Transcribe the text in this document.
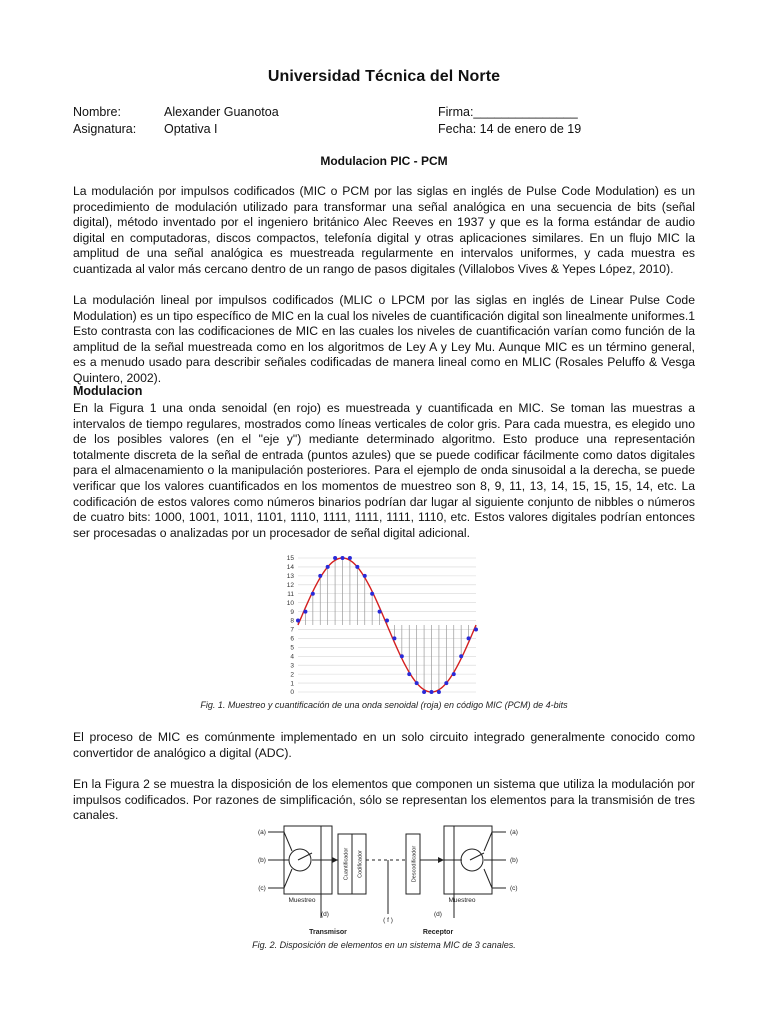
Universidad Técnica del Norte
Nombre:	Alexander Guanotoa	Firma:_______________
Asignatura: Optativa I	Fecha: 14 de enero de 19
Modulacion PIC - PCM

La modulación por impulsos codificados (MIC o PCM por las siglas en inglés de Pulse Code Modulation) es un procedimiento de modulación utilizado para transformar una señal analógica en una secuencia de bits (señal digital), método inventado por el ingeniero británico Alec Reeves en 1937 y que es la forma estándar de audio digital en computadoras, discos compactos, telefonía digital y otras aplicaciones similares. En un flujo MIC la amplitud de una señal analógica es muestreada regularmente en intervalos uniformes, y cada muestra es cuantizada al valor más cercano dentro de un rango de pasos digitales (Villalobos Vives & Yepes López, 2010).

La modulación lineal por impulsos codificados (MLIC o LPCM por las siglas en inglés de Linear Pulse Code Modulation) es un tipo específico de MIC en la cual los niveles de cuantificación digital son linealmente uniformes.1 Esto contrasta con las codificaciones de MIC en las cuales los niveles de cuantificación varían como función de la amplitud de la señal muestreada como en los algoritmos de Ley A y Ley Mu. Aunque MIC es un término general, es a menudo usado para describir señales codificadas de manera lineal como en MLIC (Rosales Peluffo & Vesga Quintero, 2002).

Modulacion

En la Figura 1 una onda senoidal (en rojo) es muestreada y cuantificada en MIC. Se toman las muestras a intervalos de tiempo regulares, mostrados como líneas verticales de color gris. Para cada muestra, es elegido uno de los posibles valores (en el "eje y") mediante determinado algoritmo. Esto produce una representación totalmente discreta de la señal de entrada (puntos azules) que se puede codificar fácilmente como datos digitales para el almacenamiento o la manipulación posteriores. Para el ejemplo de onda sinusoidal a la derecha, se puede verificar que los valores cuantificados en los momentos de muestreo son 8, 9, 11, 13, 14, 15, 15, 15, 14, etc. La codificación de estos valores como números binarios podrían dar lugar al siguiente conjunto de nibbles o números de cuatro bits: 1000, 1001, 1011, 1101, 1110, 1111, 1111, 1111, 1110, etc. Estos valores digitales podrían entonces ser procesadas o analizadas por un procesador de señal digital adicional.

0
1
2
3
4
5
6
7
8
9
10
11
12
13
14
15
Fig. 1. Muestreo y cuantificación de una onda senoidal (roja) en código MIC (PCM) de 4-bits

El proceso de MIC es comúnmente implementado en un solo circuito integrado generalmente conocido como convertidor de analógico a digital (ADC).

En la Figura 2 se muestra la disposición de los elementos que componen un sistema que utiliza la modulación por impulsos codificados. Por razones de simplificación, sólo se representan los elementos para la transmisión de tres canales.

(a)
(b)
(c)
(a)
(b)
(c)
Muestreo	Muestreo
(d)
( f )
(d)
Cuantificador Codificador	Descodificador
Transmisor	Receptor
Fig. 2. Disposición de elementos en un sistema MIC de 3 canales.
